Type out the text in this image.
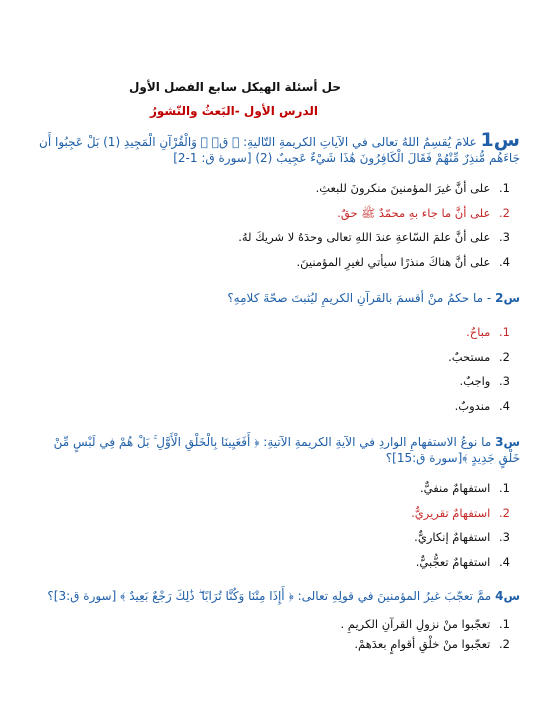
حل أسئلة الهيكل سابع الفصل الأول
الدرس الأول -البَعثُ والنّشورُ
س1 علامَ يُقسِمُ اللهُ تعالى في الآياتِ الكريمةِ التّاليةِ: ﴿ قۤ ۚ وَالْقُرْآنِ الْمَجِيدِ (1) بَلْ عَجِبُوا أَن جَاءَهُم مُّنذِرٌ مِّنْهُمْ فَقَالَ الْكَافِرُونَ هَٰذَا شَيْءٌ عَجِيبٌ (2) [سورة ق: 1-2]
1. على أنَّ غيرَ المؤمنينَ منكرونَ للبعثِ.
2. على أنَّ ما جاء بهِ محمّدٌ ﷺ حقٌ.
3. على أنَّ علمَ السّاعةِ عندَ اللهِ تعالى وحدَهُ لا شريكَ لهُ.
4. على أنَّ هناكَ منذرًا سيأتي لغيرِ المؤمنينَ.
س2 - ما حكمُ منْ أقسمَ بالقرآنِ الكريمِ ليُثبتَ صحّةَ كلامِهِ؟
1. مباحٌ.
2. مستحبٌ.
3. واجبٌ.
4. مندوبٌ.
س3 ما نوعُ الاستفهامِ الواردِ في الآيةِ الكريمةِ الآتيةِ: ﴿ أَفَعَيِينَا بِالْخَلْقِ الْأَوَّلِ ۚ بَلْ هُمْ فِي لَبْسٍ مِّنْ خَلْقٍ جَدِيدٍ ﴾[سورة ق:15]؟
1. استفهامٌ منفيٌّ.
2. استفهامٌ تقريريٌّ.
3. استفهامٌ إنكاريٌّ.
4. استفهامٌ تعجُّبيٌّ.
س4 ممَّ تعجّبَ غيرُ المؤمنينَ في قولِهِ تعالى: ﴿ أَإِذَا مِتْنَا وَكُنَّا تُرَابًا ۖ ذَٰلِكَ رَجْعٌ بَعِيدٌ ﴾ [سورة ق:3]؟
1. تعجّبوا منْ نزولِ القرآنِ الكريمِ .
2. تعجّبوا منْ خلْقِ أقوامٍ بعدَهمْ.
